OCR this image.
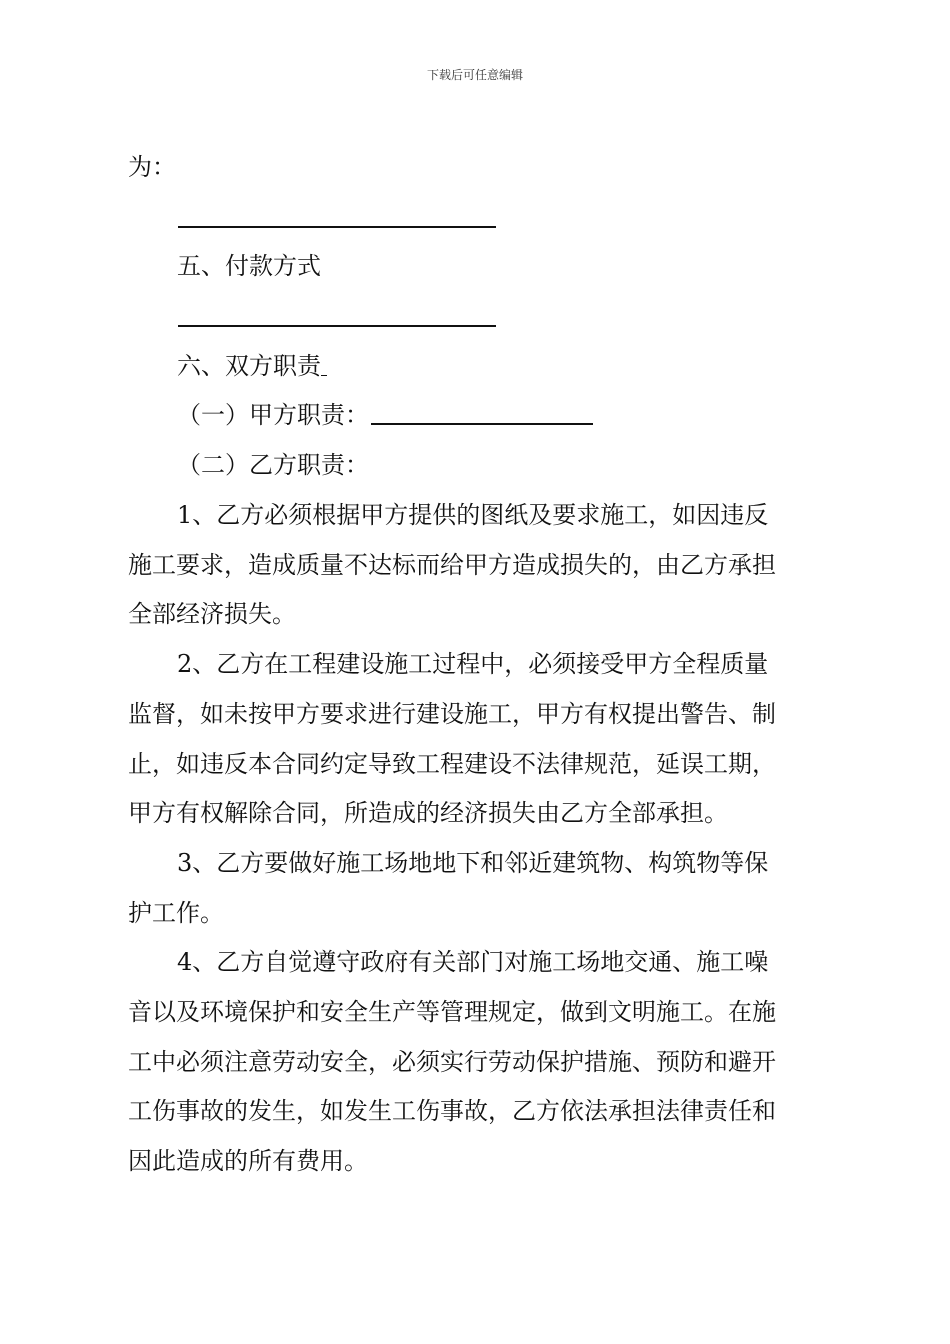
下载后可任意编辑
为：
五、付款方式
六、双方职责
（一）甲方职责：
（二）乙方职责：
1、乙方必须根据甲方提供的图纸及要求施工，如因违反
施工要求，造成质量不达标而给甲方造成损失的，由乙方承担
全部经济损失。
2、乙方在工程建设施工过程中，必须接受甲方全程质量
监督，如未按甲方要求进行建设施工，甲方有权提出警告、制
止，如违反本合同约定导致工程建设不法律规范，延误工期，
甲方有权解除合同，所造成的经济损失由乙方全部承担。
3、乙方要做好施工场地地下和邻近建筑物、构筑物等保
护工作。
4、乙方自觉遵守政府有关部门对施工场地交通、施工噪
音以及环境保护和安全生产等管理规定，做到文明施工。在施
工中必须注意劳动安全，必须实行劳动保护措施、预防和避开
工伤事故的发生，如发生工伤事故，乙方依法承担法律责任和
因此造成的所有费用。
